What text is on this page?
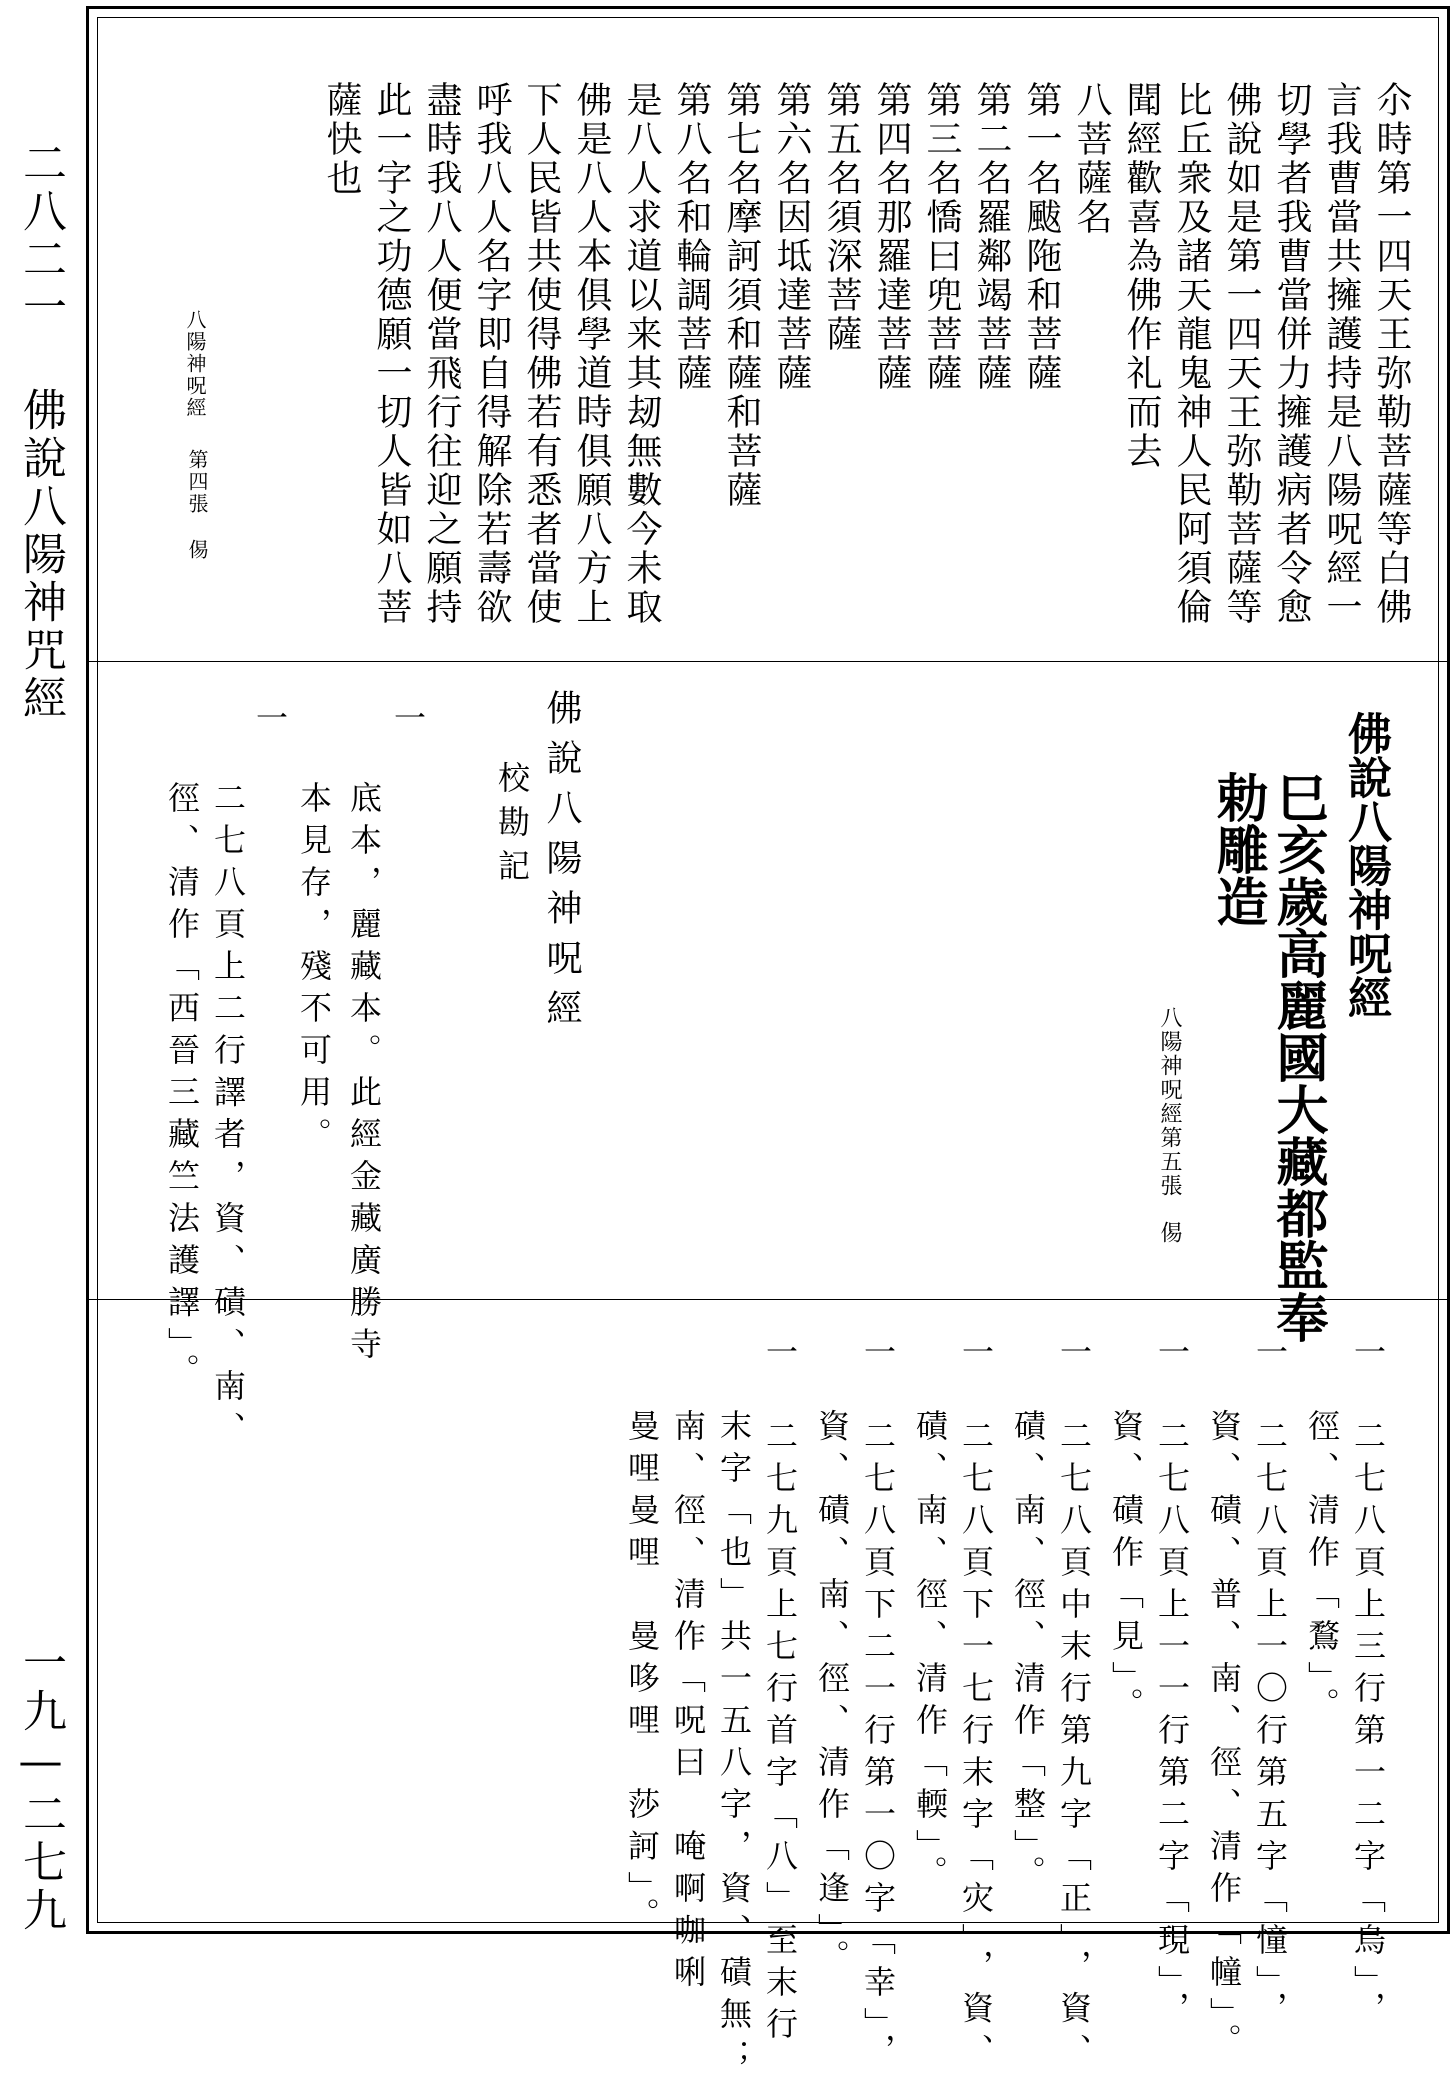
二八二一 佛說八陽神咒經
一九—二七九
尒時第一四天王弥勒菩薩等白佛
言我曹當共擁護持是八陽呪經一
切學者我曹當併力擁護病者令愈
佛說如是第一四天王弥勒菩薩等
比丘衆及諸天龍鬼神人民阿須倫
聞經歡喜為佛作礼而去
八菩薩名
第一名颰陁和菩薩
第二名羅鄰竭菩薩
第三名憍曰兜菩薩
第四名那羅達菩薩
第五名須深菩薩
第六名因坻達菩薩
第七名摩訶須和薩和菩薩
第八名和輪調菩薩
是八人求道以来其刼無數今未取
佛是八人本俱學道時俱願八方上
下人民皆共使得佛若有悉者當使
呼我八人名字即自得解除若壽欲
盡時我八人便當飛行往迎之願持
此一字之功德願一切人皆如八菩
薩快也
八陽神呪經
第四張
㑥
佛說八陽神呪經
巳亥歲高麗國大藏都監奉
勅雕造
八陽神呪經
第五張
㑥
佛說八陽神呪經
校勘記
一
底本，麗藏本。此經金藏廣勝寺
本見存，殘不可用。
一
二七八頁上二行譯者，資、磧、南、
徑、清作「西晉三藏竺法護譯」。	一
二七八頁上三行第一二字「烏」，
徑、清作「鶩」。
一
二七八頁上一〇行第五字「憧」，
資、磧、普、南、徑、清作「幢」。
一
二七八頁上一一行第二字「現」，
資、磧作「見」。
一
二七八頁中末行第九字「正」，資、
磧、南、徑、清作「整」。
一
二七八頁下一七行末字「灾」，資、
磧、南、徑、清作「輭」。
一
二七八頁下二一行第一〇字「幸」，
資、磧、南、徑、清作「逢」。
一
二七九頁上七行首字「八」至末行
末字「也」共一五八字，資、磧無；
南、徑、清作「呪曰　唵啊咖唎
曼哩曼哩　曼哆哩　莎訶」。
